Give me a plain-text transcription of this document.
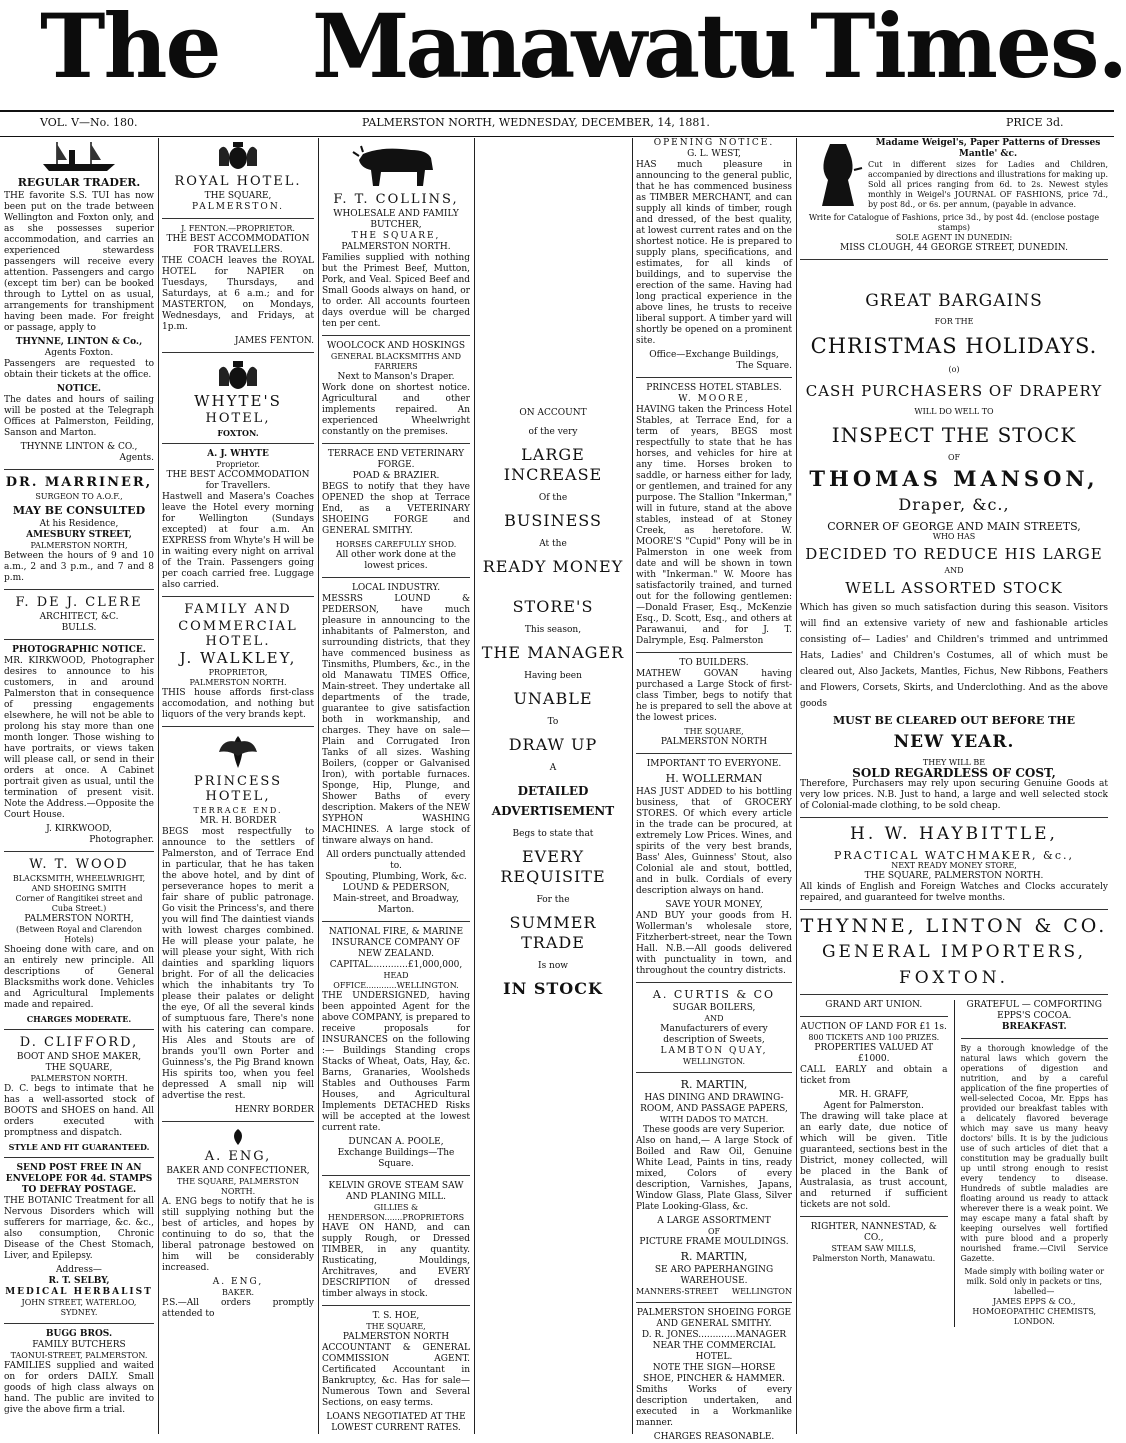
The Manawatu Times.
VOL. V—No. 180.	PALMERSTON NORTH, WEDNESDAY, DECEMBER, 14, 1881.	PRICE 3d.
REGULAR TRADER.

THE favorite S.S. TUI has now been put on the trade between Wellington and Foxton only, and as she possesses superior accommodation, and carries an experienced stewardess passengers will receive every attention. Passengers and cargo (except tim ber) can be booked through to Lyttel on as usual, arrangements for transhipment having been made. For freight or passage, apply to

THYNNE, LINTON & Co.,
Agents Foxton.

Passengers are requested to obtain their tickets at the office.

NOTICE.

The dates and hours of sailing will be posted at the Telegraph Offices at Palmerston, Feilding, Sanson and Marton.

THYNNE LINTON & CO.,
Agents.
DR. MARRINER,
SURGEON TO A.O.F.,
MAY BE CONSULTED
At his Residence,
AMESBURY STREET,
PALMERSTON NORTH,

Between the hours of 9 and 10 a.m., 2 and 3 p.m., and 7 and 8 p.m.

F. DE J. CLERE
ARCHITECT, &C.
BULLS.
PHOTOGRAPHIC NOTICE.

MR. KIRKWOOD, Photographer desires to announce to his customers, in and around Palmerston that in consequence of pressing engagements elsewhere, he will not be able to prolong his stay more than one month longer. Those wishing to have portraits, or views taken will please call, or send in their orders at once. A Cabinet portrait given as usual, until the termination of present visit. Note the Address.—Opposite the Court House.

J. KIRKWOOD,
Photographer.
W. T. WOOD
BLACKSMITH, WHEELWRIGHT, AND SHOEING SMITH
Corner of Rangitikei street and Cuba Street.)
PALMERSTON NORTH,
(Between Royal and Clarendon Hotels)

Shoeing done with care, and on an entirely new principle. All descriptions of General Blacksmiths work done. Vehicles and Agricultural Implements made and repaired.

CHARGES MODERATE.
D. CLIFFORD,
BOOT AND SHOE MAKER,
THE SQUARE,
PALMERSTON NORTH.

D. C. begs to intimate that he has a well-assorted stock of BOOTS and SHOES on hand. All orders executed with promptness and dispatch.

STYLE AND FIT GUARANTEED.
SEND POST FREE IN AN ENVELOPE FOR 4d. STAMPS TO DEFRAY POSTAGE.

THE BOTANIC Treatment for all Nervous Disorders which will sufferers for marriage, &c. &c., also consumption, Chronic Disease of the Chest Stomach, Liver, and Epilepsy.

Address—
R. T. SELBY,
MEDICAL HERBALIST
JOHN STREET, WATERLOO, SYDNEY.
BUGG BROS.
FAMILY BUTCHERS
TAONUI-STREET, PALMERSTON.

FAMILIES supplied and waited on for orders DAILY. Small goods of high class always on hand. The public are invited to give the above firm a trial.

ROYAL HOTEL.
THE SQUARE,
PALMERSTON.
J. FENTON.—PROPRIETOR.
THE BEST ACCOMMODATION FOR TRAVELLERS.

THE COACH leaves the ROYAL HOTEL for NAPIER on Tuesdays, Thursdays, and Saturdays, at 6 a.m.; and for MASTERTON, on Mondays, Wednesdays, and Fridays, at 1p.m.

JAMES FENTON.
WHYTE'S
HOTEL,
FOXTON.
A. J. WHYTE
Proprietor.
THE BEST ACCOMMODATION for Travellers.

Hastwell and Masera's Coaches leave the Hotel every morning for Wellington (Sundays excepted) at four a.m. An EXPRESS from Whyte's H will be in waiting every night on arrival of the Train. Passengers going per coach carried free. Luggage also carried.

FAMILY AND
COMMERCIAL HOTEL.
J. WALKLEY,
PROPRIETOR,
PALMERSTON NORTH.

THIS house affords first-class accomodation, and nothing but liquors of the very brands kept.

PRINCESS HOTEL,
TERRACE END.
MR. H. BORDER

BEGS most respectfully to announce to the settlers of Palmerston, and of Terrace End in particular, that he has taken the above hotel, and by dint of perseverance hopes to merit a fair share of public patronage. Go visit the Princess's, and there you will find The daintiest viands with lowest charges combined. He will please your palate, he will please your sight, With rich dainties and sparkling liquors bright. For of all the delicacies which the inhabitants try To please their palates or delight the eye, Of all the several kinds of sumptuous fare, There's none with his catering can compare. His Ales and Stouts are of brands you'll own Porter and Guinness's, the Pig Brand known His spirits too, when you feel depressed A small nip will advertise the rest.

HENRY BORDER
A. ENG,
BAKER AND CONFECTIONER,
THE SQUARE, PALMERSTON NORTH.

A. ENG begs to notify that he is still supplying nothing but the best of articles, and hopes by continuing to do so, that the liberal patronage bestowed on him will be considerably increased.

A. ENG,
BAKER.

P.S.—All orders promptly attended to

F. T. COLLINS,
WHOLESALE AND FAMILY BUTCHER,
THE SQUARE,
PALMERSTON NORTH.

Families supplied with nothing but the Primest Beef, Mutton, Pork, and Veal. Spiced Beef and Small Goods always on hand, or to order. All accounts fourteen days overdue will be charged ten per cent.

WOOLCOCK AND HOSKINGS
GENERAL BLACKSMITHS AND FARRIERS
Next to Manson's Draper.

Work done on shortest notice. Agricultural and other implements repaired. An experienced Wheelwright constantly on the premises.

TERRACE END VETERINARY FORGE.
POAD & BRAZIER.

BEGS to notify that they have OPENED the shop at Terrace End, as a VETERINARY SHOEING FORGE and GENERAL SMITHY.

HORSES CAREFULLY SHOD.
All other work done at the lowest prices.
LOCAL INDUSTRY.

MESSRS LOUND & PEDERSON, have much pleasure in announcing to the inhabitants of Palmerston, and surrounding districts, that they have commenced business as Tinsmiths, Plumbers, &c., in the old Manawatu TIMES Office, Main-street. They undertake all departments of the trade, guarantee to give satisfaction both in workmanship, and charges. They have on sale— Plain and Corrugated Iron Tanks of all sizes. Washing Boilers, (copper or Galvanised Iron), with portable furnaces. Sponge, Hip, Plunge, and Shower Baths of every description. Makers of the NEW SYPHON WASHING MACHINES. A large stock of tinware always on hand.

All orders punctually attended to.
Spouting, Plumbing, Work, &c.
LOUND & PEDERSON,
Main-street, and Broadway, Marton.
NATIONAL FIRE, & MARINE INSURANCE COMPANY OF NEW ZEALAND.
CAPITAL.............£1,000,000,
HEAD OFFICE............WELLINGTON.

THE UNDERSIGNED, having been appointed Agent for the above COMPANY, is prepared to receive proposals for INSURANCES on the following :— Buildings Standing crops Stacks of Wheat, Oats, Hay, &c. Barns, Granaries, Woolsheds Stables and Outhouses Farm Houses, and Agricultural Implements DETACHED Risks will be accepted at the lowest current rate.

DUNCAN A. POOLE,
Exchange Buildings—The Square.
KELVIN GROVE STEAM SAW AND PLANING MILL.
GILLIES & HENDERSON.......PROPRIETORS

HAVE ON HAND, and can supply Rough, or Dressed TIMBER, in any quantity. Rusticating, Mouldings, Architraves, and EVERY DESCRIPTION of dressed timber always in stock.

T. S. HOE,
THE SQUARE,
PALMERSTON NORTH

ACCOUNTANT & GENERAL COMMISSION AGENT. Certificated Accountant in Bankruptcy, &c. Has for sale—Numerous Town and Several Sections, on easy terms.

LOANS NEGOTIATED AT THE LOWEST CURRENT RATES.
ON ACCOUNT
of the very
LARGE INCREASE
Of the
BUSINESS
At the
READY MONEY
STORE'S
This season,
THE MANAGER
Having been
UNABLE
To
DRAW UP
A
DETAILED ADVERTISEMENT
Begs to state that
EVERY REQUISITE
For the
SUMMER TRADE
Is now
IN STOCK
OPENING NOTICE.
G. L. WEST,

HAS much pleasure in announcing to the general public, that he has commenced business as TIMBER MERCHANT, and can supply all kinds of timber, rough and dressed, of the best quality, at lowest current rates and on the shortest notice. He is prepared to supply plans, specifications, and estimates, for all kinds of buildings, and to supervise the erection of the same. Having had long practical experience in the above lines, he trusts to receive liberal support. A timber yard will shortly be opened on a prominent site.

Office—Exchange Buildings,
The Square.
PRINCESS HOTEL STABLES.
W. MOORE,

HAVING taken the Princess Hotel Stables, at Terrace End, for a term of years, BEGS most respectfully to state that he has horses, and vehicles for hire at any time. Horses broken to saddle, or harness either for lady, or gentlemen, and trained for any purpose. The Stallion "Inkerman," will in future, stand at the above stables, instead of at Stoney Creek, as heretofore. W. MOORE'S "Cupid" Pony will be in Palmerston in one week from date and will be shown in town with "Inkerman." W. Moore has satisfactorily trained, and turned out for the following gentlemen:—Donald Fraser, Esq., McKenzie Esq., D. Scott, Esq., and others at Parawanui, and for J. T. Dalrymple, Esq. Palmerston

TO BUILDERS.

MATHEW GOVAN having purchased a Large Stock of first-class Timber, begs to notify that he is prepared to sell the above at the lowest prices.

THE SQUARE,
PALMERSTON NORTH
IMPORTANT TO EVERYONE.
H. WOLLERMAN

HAS JUST ADDED to his bottling business, that of GROCERY STORES. Of which every article in the trade can be procured, at extremely Low Prices. Wines, and spirits of the very best brands, Bass' Ales, Guinness' Stout, also Colonial ale and stout, bottled, and in bulk. Cordials of every description always on hand.

SAVE YOUR MONEY,

AND BUY your goods from H. Wollerman's wholesale store, Fitzherbert-street, near the Town Hall. N.B.—All goods delivered with punctuality in town, and throughout the country districts.

A. CURTIS & CO
SUGAR BOILERS,
AND
Manufacturers of every description of Sweets,
LAMBTON QUAY,
WELLINGTON.
R. MARTIN,
HAS DINING AND DRAWING-ROOM, AND PASSAGE PAPERS,
WITH DADOS TO MATCH.
These goods are very Superior.

Also on hand,— A large Stock of Boiled and Raw Oil, Genuine White Lead, Paints in tins, ready mixed, Colors of every description, Varnishes, Japans, Window Glass, Plate Glass, Silver Plate Looking-Glass, &c.

A LARGE ASSORTMENT
OF
PICTURE FRAME MOULDINGS.
R. MARTIN,
SE ARO PAPERHANGING WAREHOUSE.
MANNERS-STREET WELLINGTON
PALMERSTON SHOEING FORGE AND GENERAL SMITHY.
D. R. JONES.............MANAGER
NEAR THE COMMERCIAL HOTEL.
NOTE THE SIGN—HORSE SHOE, PINCHER & HAMMER.

Smiths Works of every description undertaken, and executed in a Workmanlike manner.

CHARGES REASONABLE.
Madame Weigel's, Paper Patterns of Dresses Mantle' &c.

Cut in different sizes for Ladies and Children, accompanied by directions and illustrations for making up. Sold all prices ranging from 6d. to 2s. Newest styles monthly in Weigel's JOURNAL OF FASHIONS, price 7d., by post 8d., or 6s. per annum, (payable in advance.

Write for Catalogue of Fashions, price 3d., by post 4d. (enclose postage stamps)
SOLE AGENT IN DUNEDIN:
MISS CLOUGH, 44 GEORGE STREET, DUNEDIN.
GREAT BARGAINS
FOR THE
CHRISTMAS HOLIDAYS.
(o)
CASH PURCHASERS OF DRAPERY
WILL DO WELL TO
INSPECT THE STOCK
OF
THOMAS MANSON,
Draper, &c.,
CORNER OF GEORGE AND MAIN STREETS,
WHO HAS
DECIDED TO REDUCE HIS LARGE
AND
WELL ASSORTED STOCK

Which has given so much satisfaction during this season. Visitors will find an extensive variety of new and fashionable articles consisting of— Ladies' and Children's trimmed and untrimmed Hats, Ladies' and Children's Costumes, all of which must be cleared out, Also Jackets, Mantles, Fichus, New Ribbons, Feathers and Flowers, Corsets, Skirts, and Underclothing. And as the above goods

MUST BE CLEARED OUT BEFORE THE
NEW YEAR.
THEY WILL BE
SOLD REGARDLESS OF COST,

Therefore, Purchasers may rely upon securing Genuine Goods at very low prices. N.B. Just to hand, a large and well selected stock of Colonial-made clothing, to be sold cheap.

H. W. HAYBITTLE,
PRACTICAL WATCHMAKER, &c.,
NEXT READY MONEY STORE,
THE SQUARE, PALMERSTON NORTH.

All kinds of English and Foreign Watches and Clocks accurately repaired, and guaranteed for twelve months.

THYNNE, LINTON & CO.
GENERAL IMPORTERS,
FOXTON.
GRAND ART UNION.
AUCTION OF LAND FOR £1 1s.
800 TICKETS AND 100 PRIZES.
PROPERTIES VALUED AT £1000.

CALL EARLY and obtain a ticket from

MR. H. GRAFF,
Agent for Palmerston.

The drawing will take place at an early date, due notice of which will be given. Title guaranteed, sections best in the District, money collected, will be placed in the Bank of Australasia, as trust account, and returned if sufficient tickets are not sold.

RIGHTER, NANNESTAD, & CO.,
STEAM SAW MILLS,
Palmerston North, Manawatu.
GRATEFUL — COMFORTING EPPS'S COCOA.
BREAKFAST.

By a thorough knowledge of the natural laws which govern the operations of digestion and nutrition, and by a careful application of the fine properties of well-selected Cocoa, Mr. Epps has provided our breakfast tables with a delicately flavored beverage which may save us many heavy doctors' bills. It is by the judicious use of such articles of diet that a constitution may be gradually built up until strong enough to resist every tendency to disease. Hundreds of subtle maladies are floating around us ready to attack wherever there is a weak point. We may escape many a fatal shaft by keeping ourselves well fortified with pure blood and a properly nourished frame.—Civil Service Gazette.

Made simply with boiling water or milk. Sold only in packets or tins, labelled—
JAMES EPPS & CO.,
HOMOEOPATHIC CHEMISTS, LONDON.
